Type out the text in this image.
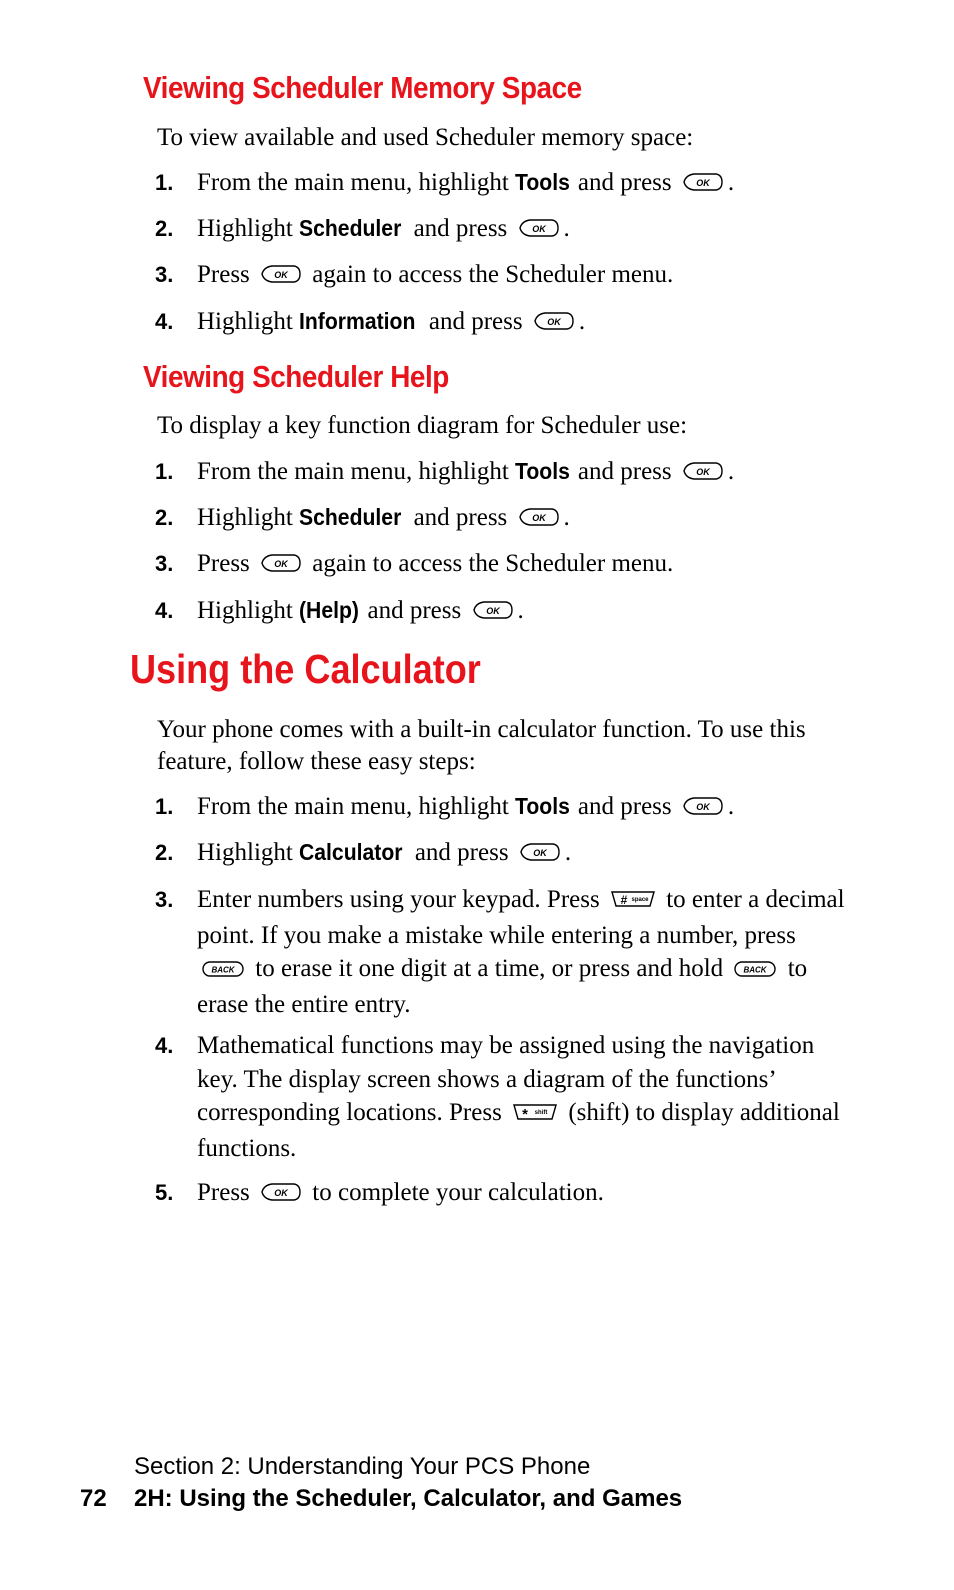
Viewing Scheduler Memory Space

To view available and used Scheduler memory space:

1. From the main menu, highlight Tools and press OK .
2. Highlight Scheduler and press OK .
3. Press OK again to access the Scheduler menu.
4. Highlight Information and press OK .
Viewing Scheduler Help

To display a key function diagram for Scheduler use:

1. From the main menu, highlight Tools and press OK .
2. Highlight Scheduler and press OK .
3. Press OK again to access the Scheduler menu.
4. Highlight (Help) and press OK .
Using the Calculator

Your phone comes with a built-in calculator function. To use this feature, follow these easy steps:

1. From the main menu, highlight Tools and press OK .
2. Highlight Calculator and press OK .
3. Enter numbers using your keypad. Press # space to enter a decimal point. If you make a mistake while entering a number, press
BACK to erase it one digit at a time, or press and hold BACK to erase the entire entry.
4. Mathematical functions may be assigned using the navigation key. The display screen shows a diagram of the functions’ corresponding locations. Press * shift (shift) to display additional functions.
5. Press OK to complete your calculation.
Section 2: Understanding Your PCS Phone
72 2H: Using the Scheduler, Calculator, and Games
